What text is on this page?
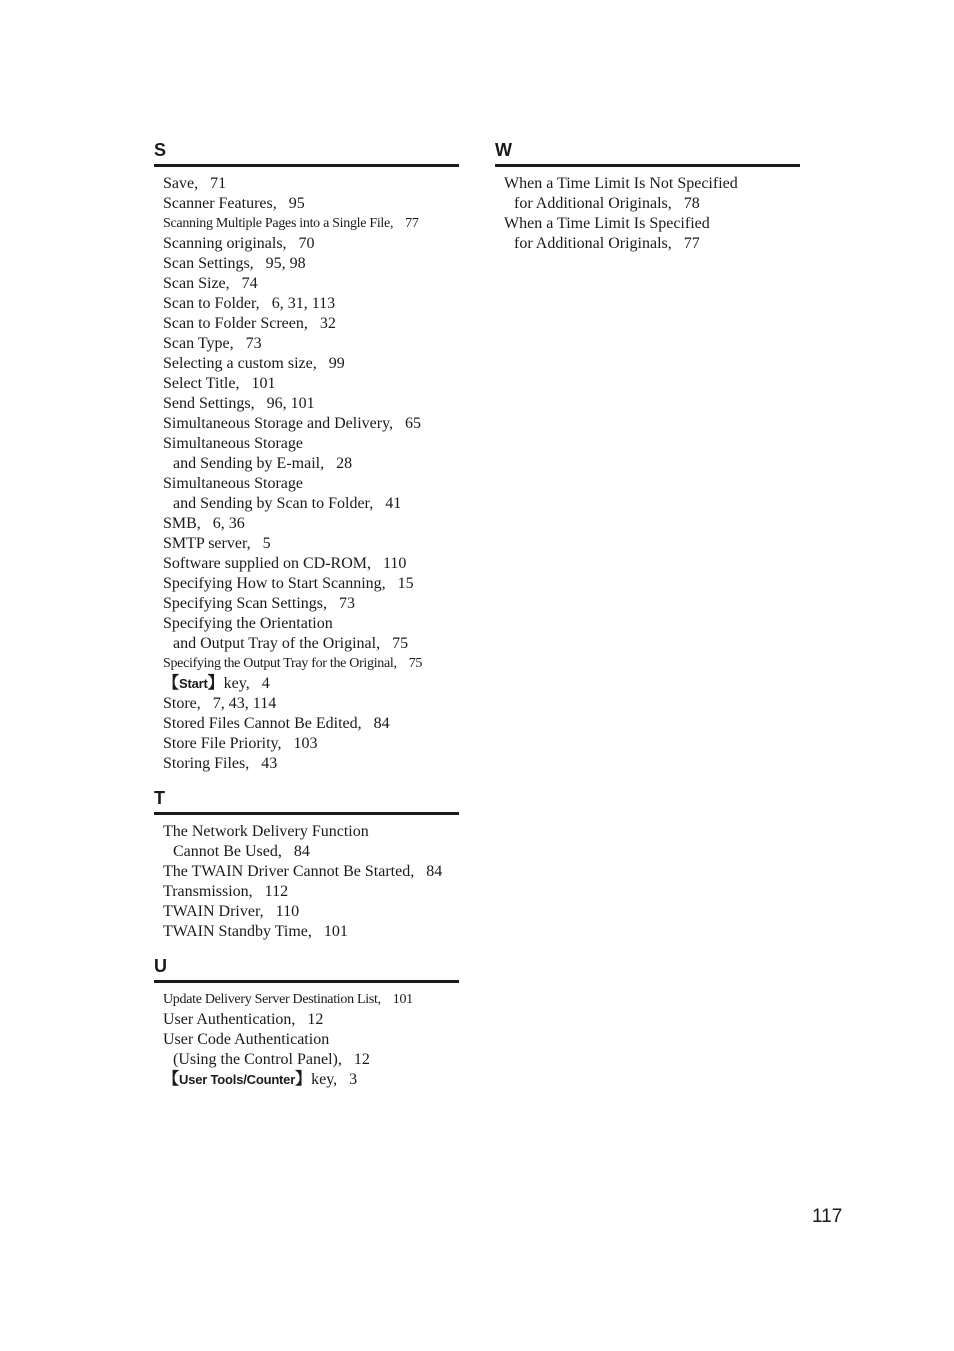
S
Save, 71
Scanner Features, 95
Scanning Multiple Pages into a Single File, 77
Scanning originals, 70
Scan Settings, 95, 98
Scan Size, 74
Scan to Folder, 6, 31, 113
Scan to Folder Screen, 32
Scan Type, 73
Selecting a custom size, 99
Select Title, 101
Send Settings, 96, 101
Simultaneous Storage and Delivery, 65
Simultaneous Storage

and Sending by E-mail, 28
Simultaneous Storage

and Sending by Scan to Folder, 41
SMB, 6, 36
SMTP server, 5
Software supplied on CD-ROM, 110
Specifying How to Start Scanning, 15
Specifying Scan Settings, 73
Specifying the Orientation

and Output Tray of the Original, 75
Specifying the Output Tray for the Original, 75
【Start】key, 4
Store, 7, 43, 114
Stored Files Cannot Be Edited, 84
Store File Priority, 103
Storing Files, 43
T
The Network Delivery Function

Cannot Be Used, 84
The TWAIN Driver Cannot Be Started, 84
Transmission, 112
TWAIN Driver, 110
TWAIN Standby Time, 101
U
Update Delivery Server Destination List, 101
User Authentication, 12
User Code Authentication

(Using the Control Panel), 12
【User Tools/Counter】key, 3
W
When a Time Limit Is Not Specified

for Additional Originals, 78
When a Time Limit Is Specified

for Additional Originals, 77
117
